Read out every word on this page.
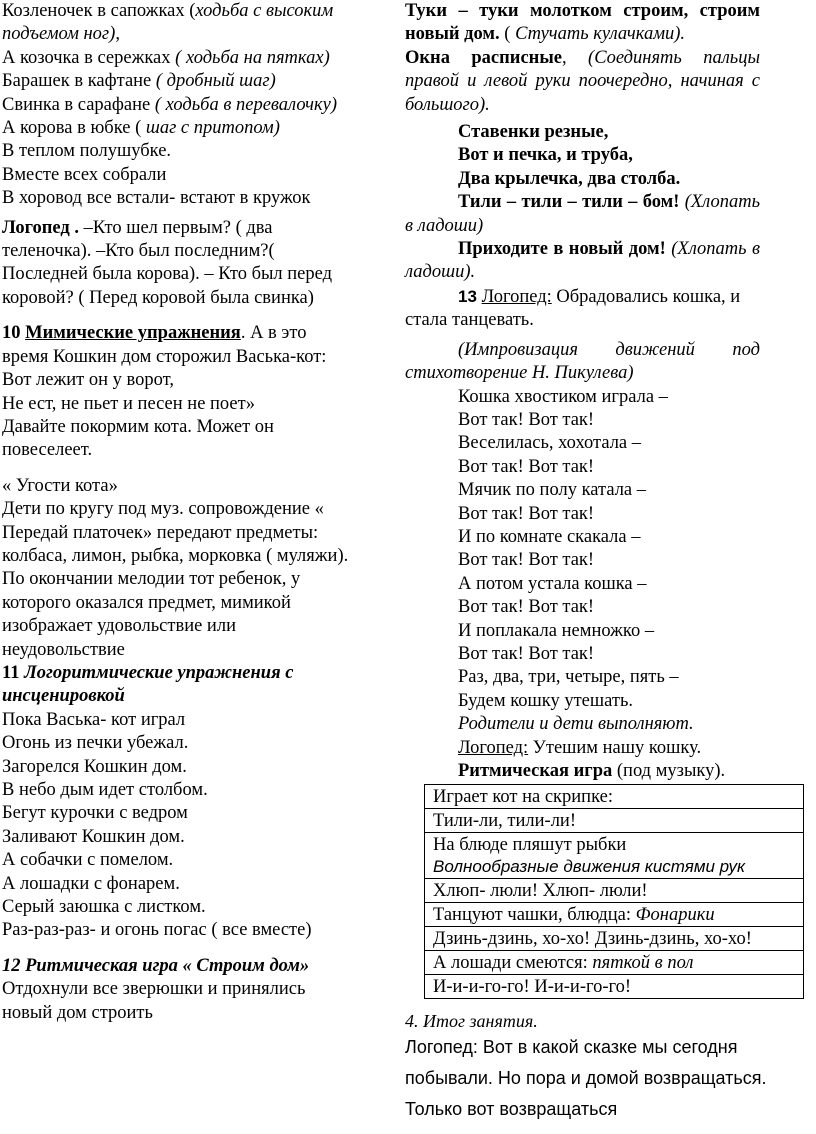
Козленочек в сапожках (ходьба с высоким подъемом ног),

А козочка в сережках ( ходьба на пятках)

Барашек в кафтане ( дробный шаг)

Свинка в сарафане ( ходьба в перевалочку)

А корова в юбке ( шаг с притопом)

В теплом полушубке.

Вместе всех собрали

В хоровод все встали- встают в кружок

Логопед . –Кто шел первым? ( два теленочка). –Кто был последним?( Последней была корова). – Кто был перед коровой? ( Перед коровой была свинка)

10 Мимические упражнения. А в это время Кошкин дом сторожил Васька-кот:

Вот лежит он у ворот,

Не ест, не пьет и песен не поет»

Давайте покормим кота. Может он повеселеет.

« Угости кота»

Дети по кругу под муз. сопровождение « Передай платочек» передают предметы: колбаса, лимон, рыбка, морковка ( муляжи). По окончании мелодии тот ребенок, у которого оказался предмет, мимикой изображает удовольствие или неудовольствие

11 Логоритмические упражнения с инсценировкой

Пока Васька- кот играл

Огонь из печки убежал.

Загорелся Кошкин дом.

В небо дым идет столбом.

Бегут курочки с ведром

Заливают Кошкин дом.

А собачки с помелом.

А лошадки с фонарем.

Серый заюшка с листком.

Раз-раз-раз- и огонь погас ( все вместе)

12 Ритмическая игра « Строим дом»

Отдохнули все зверюшки и принялись новый дом строить

Туки – туки молотком строим, строим новый дом. ( Стучать кулачками).

Окна расписные, (Соединять пальцы правой и левой руки поочередно, начиная с большого).

Ставенки резные,

Вот и печка, и труба,

Два крылечка, два столба.

Тили – тили – тили – бом! (Хлопать в ладоши)

Приходите в новый дом! (Хлопать в ладоши).

13 Логопед: Обрадовались кошка, и стала танцевать.

(Импровизация движений под стихотворение Н. Пикулева)

Кошка хвостиком играла –

Вот так! Вот так!

Веселилась, хохотала –

Вот так! Вот так!

Мячик по полу катала –

Вот так! Вот так!

И по комнате скакала –

Вот так! Вот так!

А потом устала кошка –

Вот так! Вот так!

И поплакала немножко –

Вот так! Вот так!

Раз, два, три, четыре, пять –

Будем кошку утешать.

Родители и дети выполняют.

Логопед: Утешим нашу кошку.

Ритмическая игра (под музыку).

Играет кот на скрипке:
Тили-ли, тили-ли!

На блюде пляшут рыбки
Волнообразные движения кистями рук

Хлюп- люли! Хлюп- люли!
Танцуют чашки, блюдца: Фонарики
Дзинь-дзинь, хо-хо! Дзинь-дзинь, хо-хо!
А лошади смеются: пяткой в пол
И-и-и-го-го! И-и-и-го-го!

4. Итог занятия.

Логопед: Вот в какой сказке мы сегодня побывали. Но пора и домой возвращаться. Только вот возвращаться
